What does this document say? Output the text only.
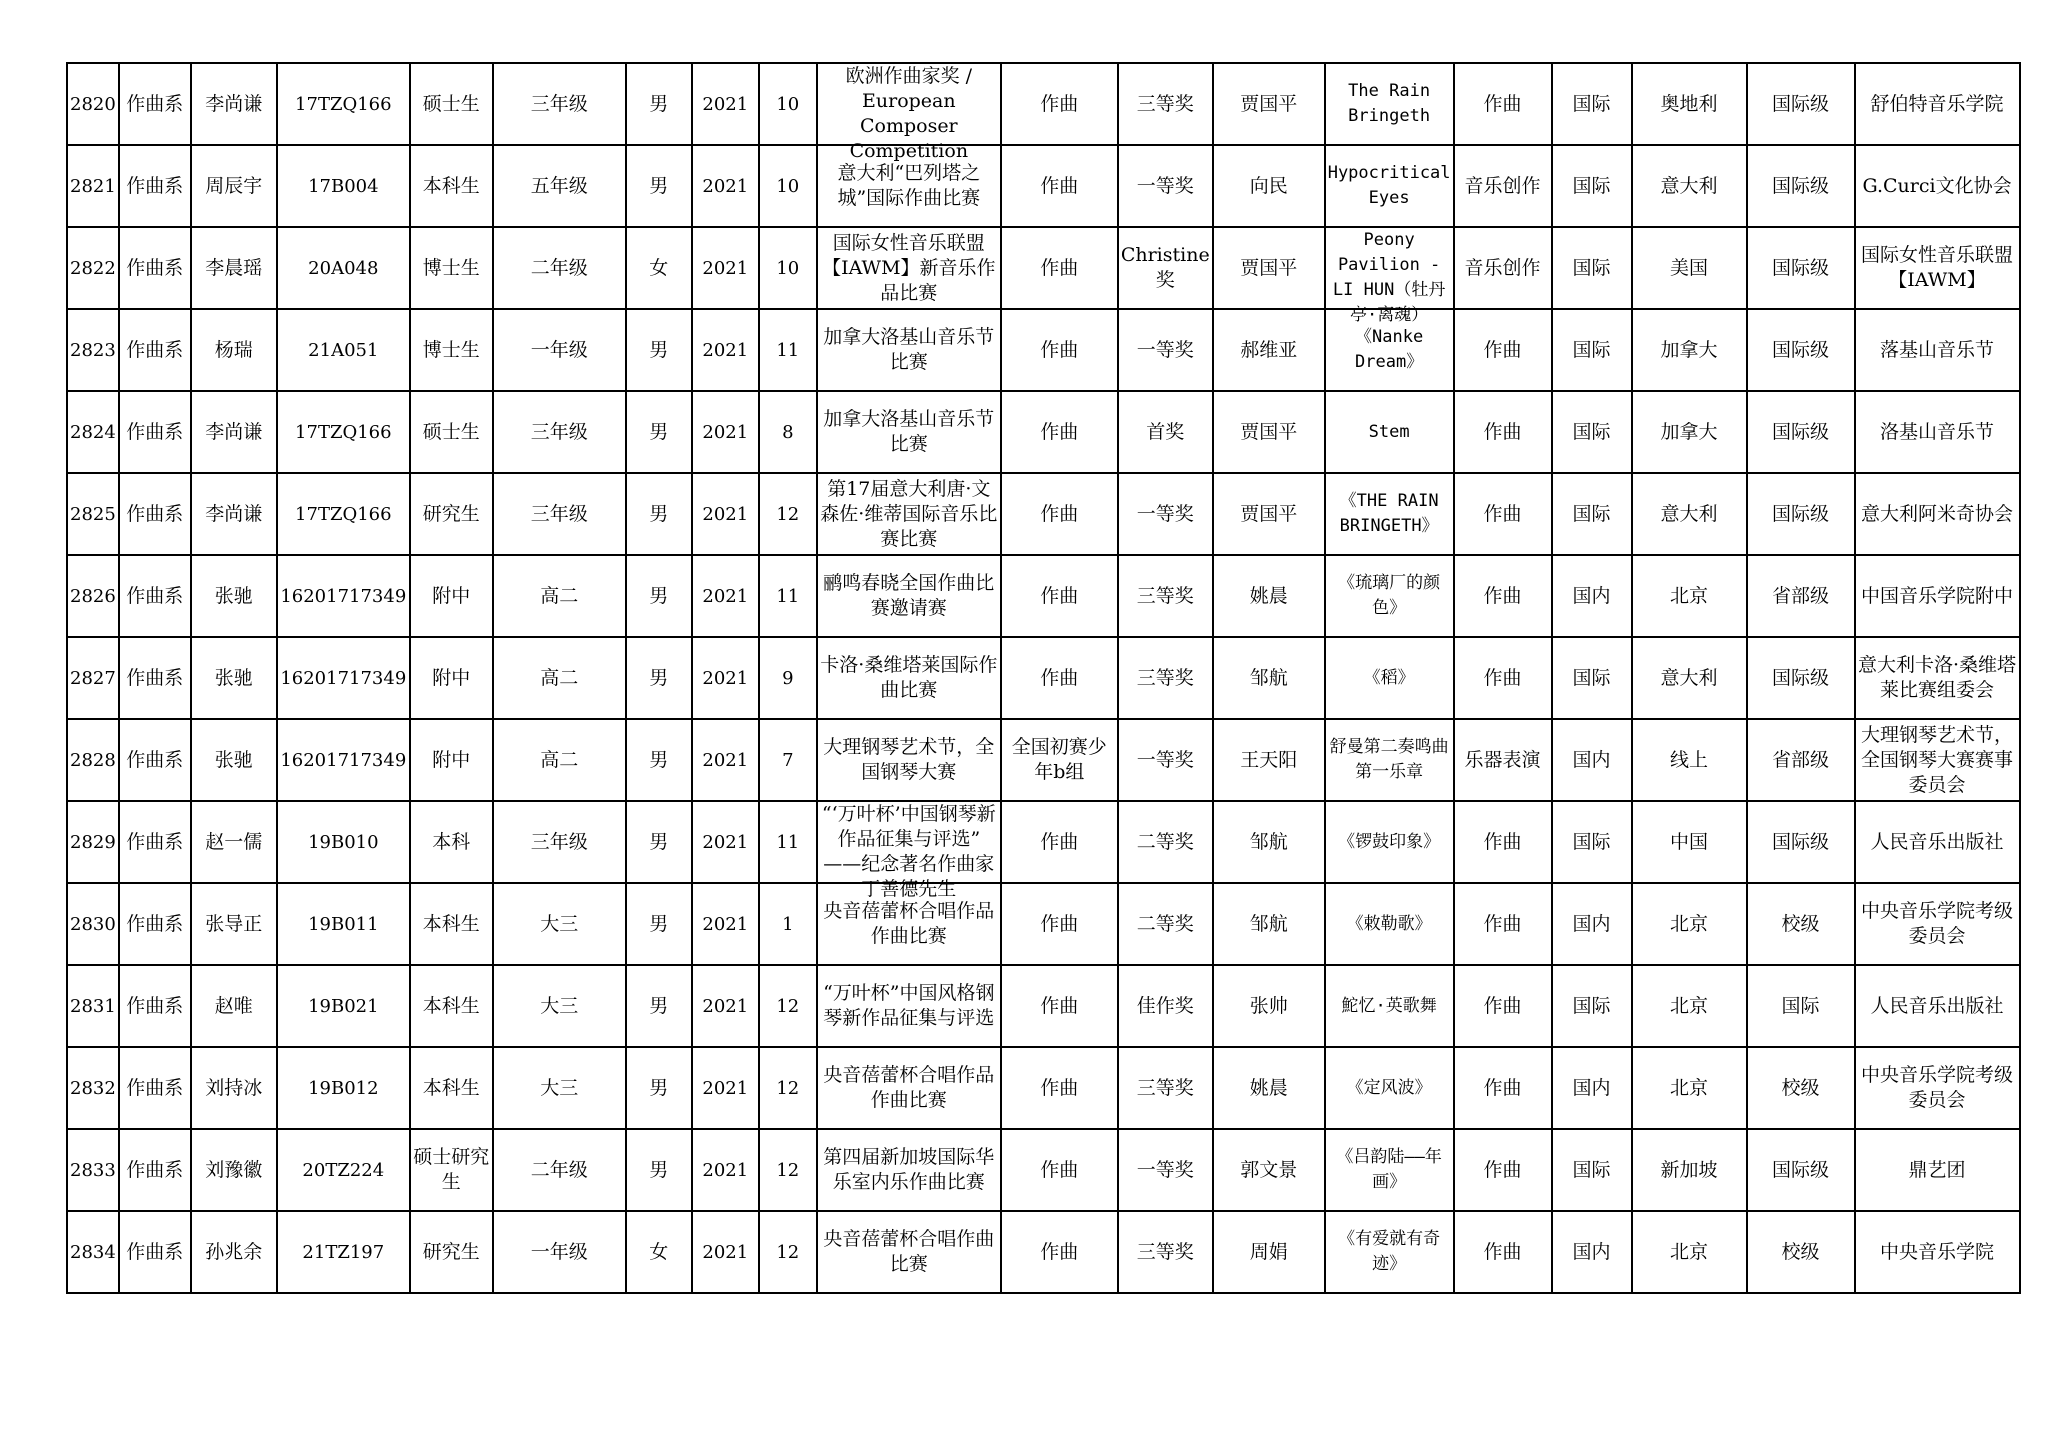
2820	作曲系	李尚谦	17TZQ166	硕士生	三年级	男	2021	10	欧洲作曲家奖 / European Composer Competition	作曲	三等奖	贾国平	The Rain Bringeth	作曲	国际	奥地利	国际级	舒伯特音乐学院

2821	作曲系	周辰宇	17B004	本科生	五年级	男	2021	10	意大利“巴列塔之城”国际作曲比赛	作曲	一等奖	向民	Hypocritical Eyes	音乐创作	国际	意大利	国际级	G.Curci文化协会

2822	作曲系	李晨瑶	20A048	博士生	二年级	女	2021	10	国际女性音乐联盟【IAWM】新音乐作品比赛	作曲	Christine奖	贾国平	Peony Pavilion - LI HUN（牡丹亭·离魂）	音乐创作	国际	美国	国际级	国际女性音乐联盟【IAWM】

2823	作曲系	杨瑞	21A051	博士生	一年级	男	2021	11	加拿大洛基山音乐节比赛	作曲	一等奖	郝维亚	《Nanke Dream》	作曲	国际	加拿大	国际级	落基山音乐节

2824	作曲系	李尚谦	17TZQ166	硕士生	三年级	男	2021	8	加拿大洛基山音乐节比赛	作曲	首奖	贾国平	Stem	作曲	国际	加拿大	国际级	洛基山音乐节

2825	作曲系	李尚谦	17TZQ166	研究生	三年级	男	2021	12	第17届意大利唐·文森佐·维蒂国际音乐比赛比赛	作曲	一等奖	贾国平	《THE RAIN BRINGETH》	作曲	国际	意大利	国际级	意大利阿米奇协会

2826	作曲系	张驰	16201717349	附中	高二	男	2021	11	鹂鸣春晓全国作曲比赛邀请赛	作曲	三等奖	姚晨	《琉璃厂的颜色》	作曲	国内	北京	省部级	中国音乐学院附中

2827	作曲系	张驰	16201717349	附中	高二	男	2021	9	卡洛·桑维塔莱国际作曲比赛	作曲	三等奖	邹航	《稻》	作曲	国际	意大利	国际级	意大利卡洛·桑维塔莱比赛组委会

2828	作曲系	张驰	16201717349	附中	高二	男	2021	7	大理钢琴艺术节，全国钢琴大赛	全国初赛少年b组	一等奖	王天阳	舒曼第二奏鸣曲第一乐章	乐器表演	国内	线上	省部级	大理钢琴艺术节，全国钢琴大赛赛事委员会

2829	作曲系	赵一儒	19B010	本科	三年级	男	2021	11	“‘万叶杯’中国钢琴新作品征集与评选” ——纪念著名作曲家丁善德先生	作曲	二等奖	邹航	《锣鼓印象》	作曲	国际	中国	国际级	人民音乐出版社

2830	作曲系	张导正	19B011	本科生	大三	男	2021	1	央音蓓蕾杯合唱作品作曲比赛	作曲	二等奖	邹航	《敕勒歌》	作曲	国内	北京	校级	中央音乐学院考级委员会

2831	作曲系	赵唯	19B021	本科生	大三	男	2021	12	“万叶杯”中国风格钢琴新作品征集与评选	作曲	佳作奖	张帅	鮀忆·英歌舞	作曲	国际	北京	国际	人民音乐出版社

2832	作曲系	刘持冰	19B012	本科生	大三	男	2021	12	央音蓓蕾杯合唱作品作曲比赛	作曲	三等奖	姚晨	《定风波》	作曲	国内	北京	校级	中央音乐学院考级委员会

2833	作曲系	刘豫徽	20TZ224	硕士研究生	二年级	男	2021	12	第四届新加坡国际华乐室内乐作曲比赛	作曲	一等奖	郭文景	《吕韵陆——年画》	作曲	国际	新加坡	国际级	鼎艺团

2834	作曲系	孙兆余	21TZ197	研究生	一年级	女	2021	12	央音蓓蕾杯合唱作曲比赛	作曲	三等奖	周娟	《有爱就有奇迹》	作曲	国内	北京	校级	中央音乐学院
